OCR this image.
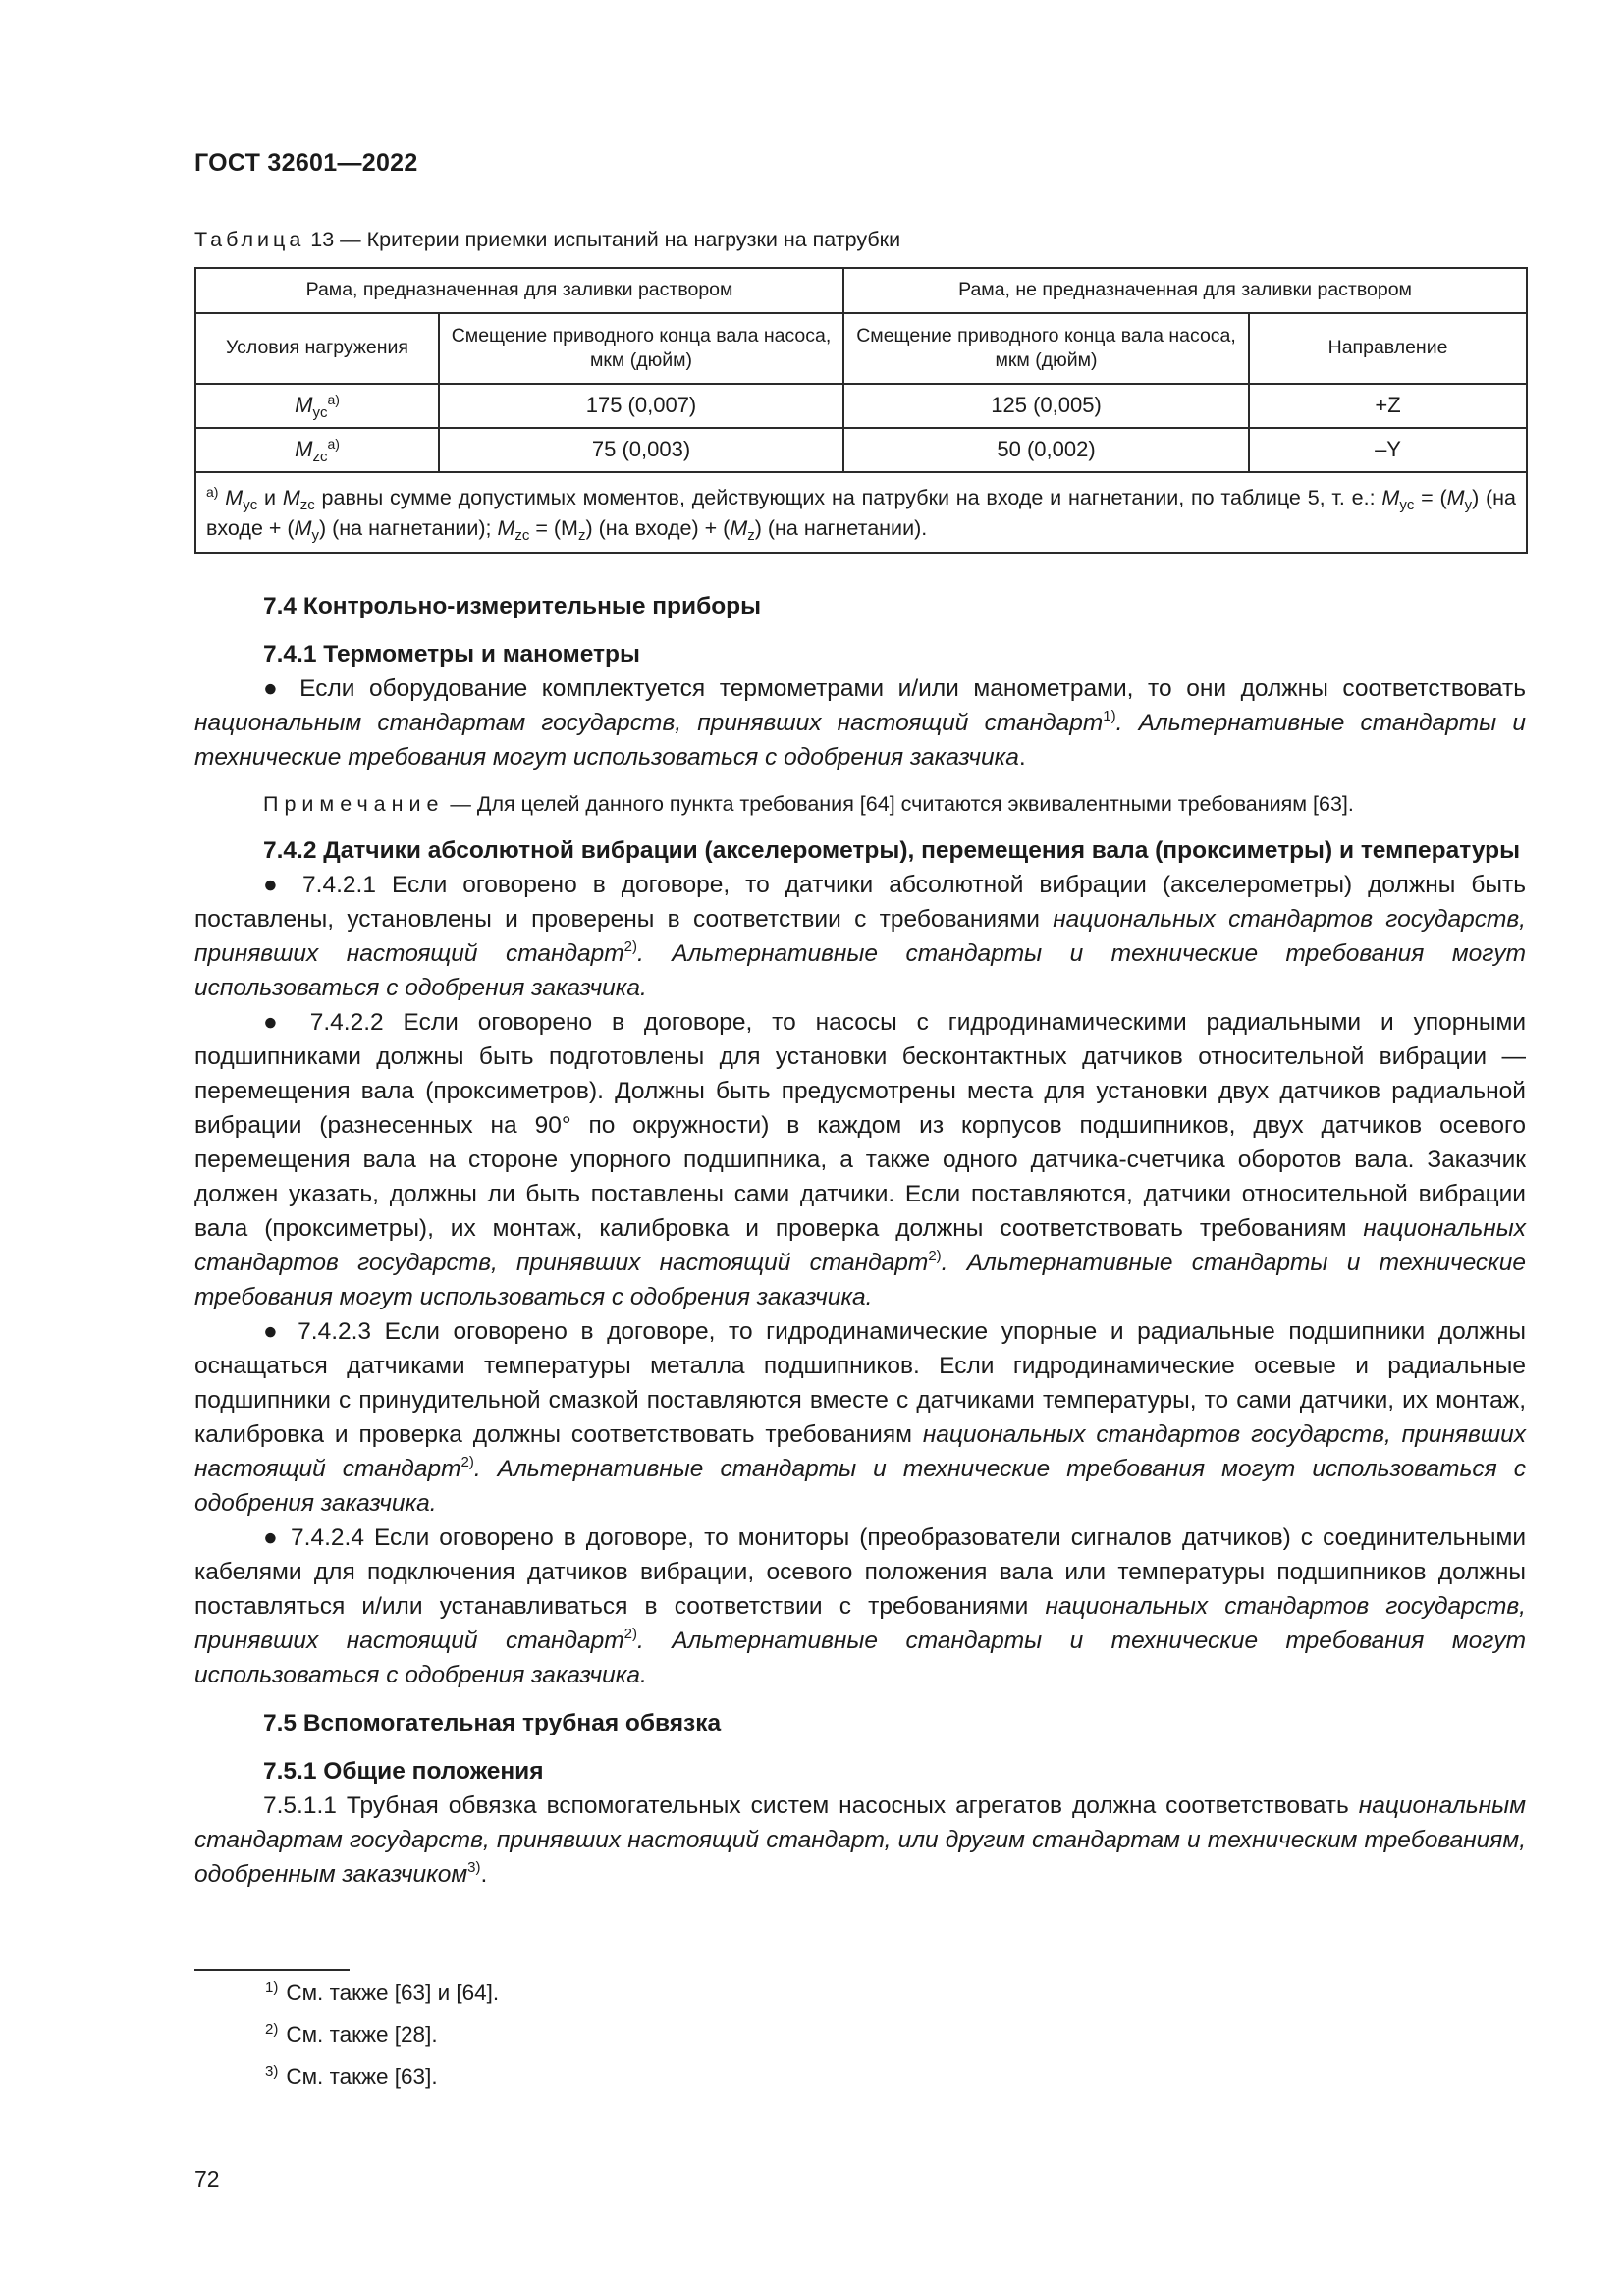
ГОСТ 32601—2022
Таблица 13 — Критерии приемки испытаний на нагрузки на патрубки
Рама, предназначенная для заливки раствором		Рама, не предназначенная для заливки раствором	
Условия нагружения	Смещение приводного конца вала насоса, мкм (дюйм)	Смещение приводного конца вала насоса, мкм (дюйм)	Направление
$M_{yc}^{а)}$	175 (0,007)	125 (0,005)	+Z
$M_{zc}^{а)}$	75 (0,003)	50 (0,002)	–Y
$^{а)}$ $M_{yc}$ и $M_{zc}$ равны сумме допустимых моментов, действующих на патрубки на входе и нагнетании, по таблице 5, т. е.: $M_{yc} = (M_y)$ (на входе + $(M_y)$ (на нагнетании); $M_{zc} = (M_z)$ (на входе) + $(M_z)$ (на нагнетании).			

7.4 Контрольно-измерительные приборы

7.4.1 Термометры и манометры

● Если оборудование комплектуется термометрами и/или манометрами, то они должны соответствовать национальным стандартам государств, принявших настоящий стандарт$^{1)}$. Альтернативные стандарты и технические требования могут использоваться с одобрения заказчика.

Примечание — Для целей данного пункта требования [64] считаются эквивалентными требованиям [63].

7.4.2 Датчики абсолютной вибрации (акселерометры), перемещения вала (проксиметры) и температуры

● 7.4.2.1 Если оговорено в договоре, то датчики абсолютной вибрации (акселерометры) должны быть поставлены, установлены и проверены в соответствии с требованиями национальных стандартов государств, принявших настоящий стандарт$^{2)}$. Альтернативные стандарты и технические требования могут использоваться с одобрения заказчика.

● 7.4.2.2 Если оговорено в договоре, то насосы с гидродинамическими радиальными и упорными подшипниками должны быть подготовлены для установки бесконтактных датчиков относительной вибрации — перемещения вала (проксиметров). Должны быть предусмотрены места для установки двух датчиков радиальной вибрации (разнесенных на 90° по окружности) в каждом из корпусов подшипников, двух датчиков осевого перемещения вала на стороне упорного подшипника, а также одного датчика-счетчика оборотов вала. Заказчик должен указать, должны ли быть поставлены сами датчики. Если поставляются, датчики относительной вибрации вала (проксиметры), их монтаж, калибровка и проверка должны соответствовать требованиям национальных стандартов государств, принявших настоящий стандарт$^{2)}$. Альтернативные стандарты и технические требования могут использоваться с одобрения заказчика.

● 7.4.2.3 Если оговорено в договоре, то гидродинамические упорные и радиальные подшипники должны оснащаться датчиками температуры металла подшипников. Если гидродинамические осевые и радиальные подшипники с принудительной смазкой поставляются вместе с датчиками температуры, то сами датчики, их монтаж, калибровка и проверка должны соответствовать требованиям национальных стандартов государств, принявших настоящий стандарт$^{2)}$. Альтернативные стандарты и технические требования могут использоваться с одобрения заказчика.

● 7.4.2.4 Если оговорено в договоре, то мониторы (преобразователи сигналов датчиков) с соединительными кабелями для подключения датчиков вибрации, осевого положения вала или температуры подшипников должны поставляться и/или устанавливаться в соответствии с требованиями национальных стандартов государств, принявших настоящий стандарт$^{2)}$. Альтернативные стандарты и технические требования могут использоваться с одобрения заказчика.

7.5 Вспомогательная трубная обвязка

7.5.1 Общие положения

7.5.1.1 Трубная обвязка вспомогательных систем насосных агрегатов должна соответствовать национальным стандартам государств, принявших настоящий стандарт, или другим стандартам и техническим требованиям, одобренным заказчиком$^{3)}$.

$^{1)}$ См. также [63] и [64].

$^{2)}$ См. также [28].

$^{3)}$ См. также [63].

72
